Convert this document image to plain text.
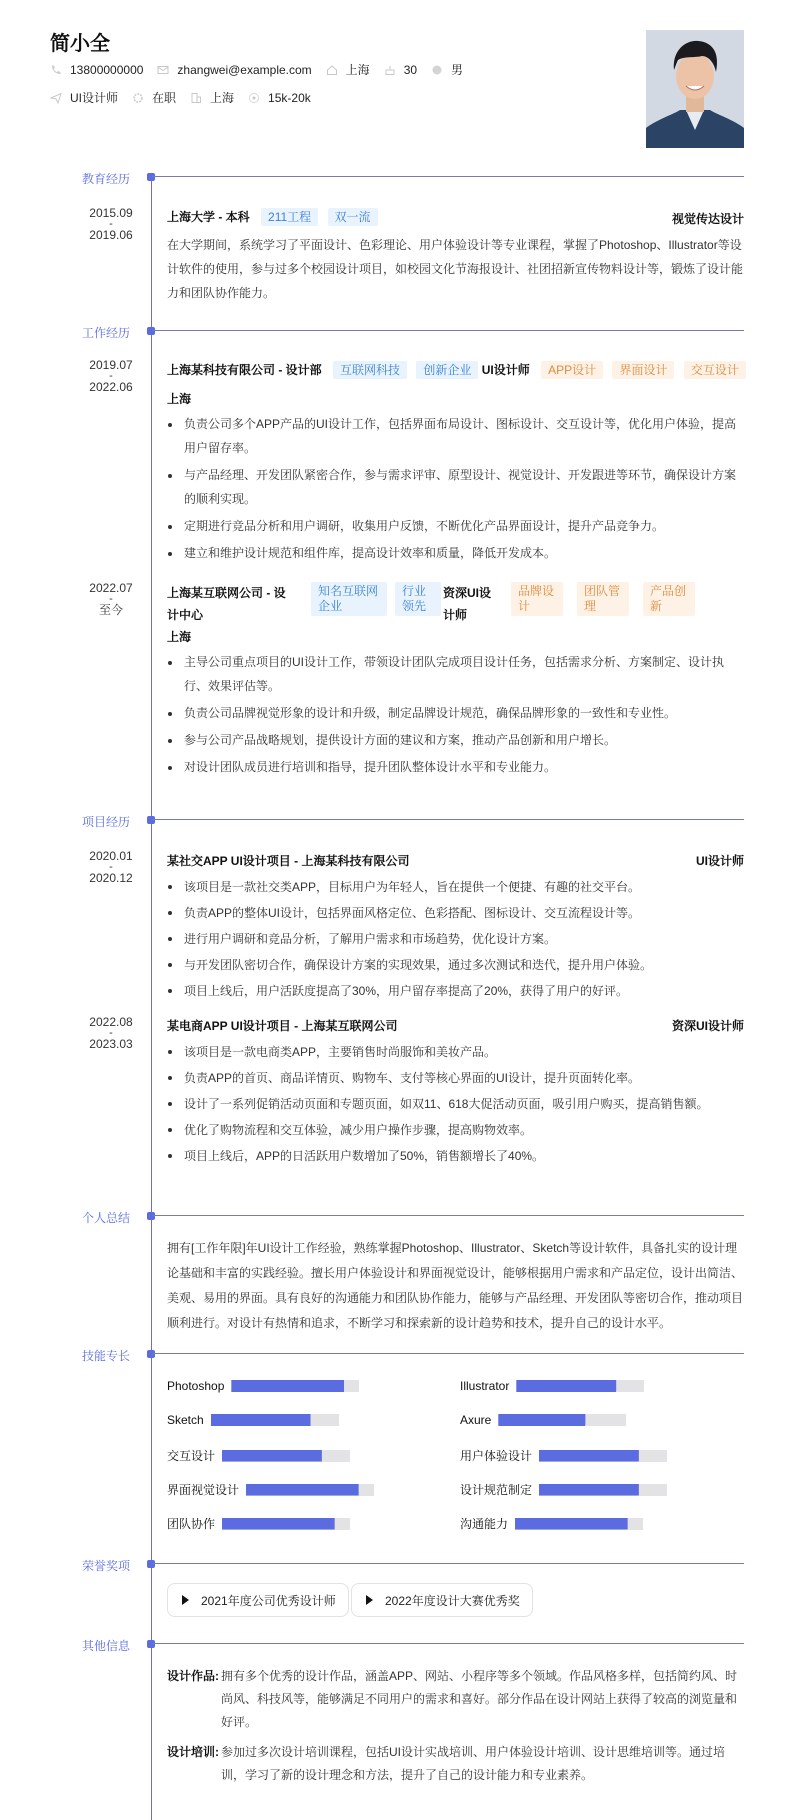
简小全
13800000000	zhangwei@example.com	上海	30	男
UI设计师	在职	上海	15k-20k
教育经历
2015.09
-
2019.06
上海大学 - 本科 211工程 双一流	视觉传达设计
在大学期间，系统学习了平面设计、色彩理论、用户体验设计等专业课程，掌握了Photoshop、Illustrator等设计软件的使用，参与过多个校园设计项目，如校园文化节海报设计、社团招新宣传物料设计等，锻炼了设计能力和团队协作能力。
工作经历
2019.07
-
2022.06
上海某科技有限公司 - 设计部 互联网科技 创新企业 UI设计师 APP设计 界面设计 交互设计
上海
负责公司多个APP产品的UI设计工作，包括界面布局设计、图标设计、交互设计等，优化用户体验，提高用户留存率。
与产品经理、开发团队紧密合作，参与需求评审、原型设计、视觉设计、开发跟进等环节，确保设计方案的顺利实现。
定期进行竞品分析和用户调研，收集用户反馈，不断优化产品界面设计，提升产品竞争力。
建立和维护设计规范和组件库，提高设计效率和质量，降低开发成本。
2022.07
-
至今
上海某互联网公司 - 设计中心
知名互联网企业
行业领先
资深UI设计师
品牌设计
团队管理
产品创新
上海
主导公司重点项目的UI设计工作，带领设计团队完成项目设计任务，包括需求分析、方案制定、设计执行、效果评估等。
负责公司品牌视觉形象的设计和升级，制定品牌设计规范，确保品牌形象的一致性和专业性。
参与公司产品战略规划，提供设计方面的建议和方案，推动产品创新和用户增长。
对设计团队成员进行培训和指导，提升团队整体设计水平和专业能力。
项目经历
2020.01
-
2020.12
某社交APP UI设计项目 - 上海某科技有限公司	UI设计师
该项目是一款社交类APP，目标用户为年轻人，旨在提供一个便捷、有趣的社交平台。
负责APP的整体UI设计，包括界面风格定位、色彩搭配、图标设计、交互流程设计等。
进行用户调研和竞品分析，了解用户需求和市场趋势，优化设计方案。
与开发团队密切合作，确保设计方案的实现效果，通过多次测试和迭代，提升用户体验。
项目上线后，用户活跃度提高了30%，用户留存率提高了20%，获得了用户的好评。
2022.08
-
2023.03
某电商APP UI设计项目 - 上海某互联网公司	资深UI设计师
该项目是一款电商类APP，主要销售时尚服饰和美妆产品。
负责APP的首页、商品详情页、购物车、支付等核心界面的UI设计，提升页面转化率。
设计了一系列促销活动页面和专题页面，如双11、618大促活动页面，吸引用户购买，提高销售额。
优化了购物流程和交互体验，减少用户操作步骤，提高购物效率。
项目上线后，APP的日活跃用户数增加了50%，销售额增长了40%。
个人总结
拥有[工作年限]年UI设计工作经验，熟练掌握Photoshop、Illustrator、Sketch等设计软件，具备扎实的设计理论基础和丰富的实践经验。擅长用户体验设计和界面视觉设计，能够根据用户需求和产品定位，设计出简洁、美观、易用的界面。具有良好的沟通能力和团队协作能力，能够与产品经理、开发团队等密切合作，推动项目顺利进行。对设计有热情和追求，不断学习和探索新的设计趋势和技术，提升自己的设计水平。
技能专长
Photoshop	Illustrator
Sketch	Axure
交互设计	用户体验设计
界面视觉设计	设计规范制定
团队协作	沟通能力
荣誉奖项
2021年度公司优秀设计师	2022年度设计大赛优秀奖
其他信息
设计作品: 拥有多个优秀的设计作品，涵盖APP、网站、小程序等多个领域。作品风格多样，包括简约风、时尚风、科技风等，能够满足不同用户的需求和喜好。部分作品在设计网站上获得了较高的浏览量和好评。
设计培训: 参加过多次设计培训课程，包括UI设计实战培训、用户体验设计培训、设计思维培训等。通过培训，学习了新的设计理念和方法，提升了自己的设计能力和专业素养。
